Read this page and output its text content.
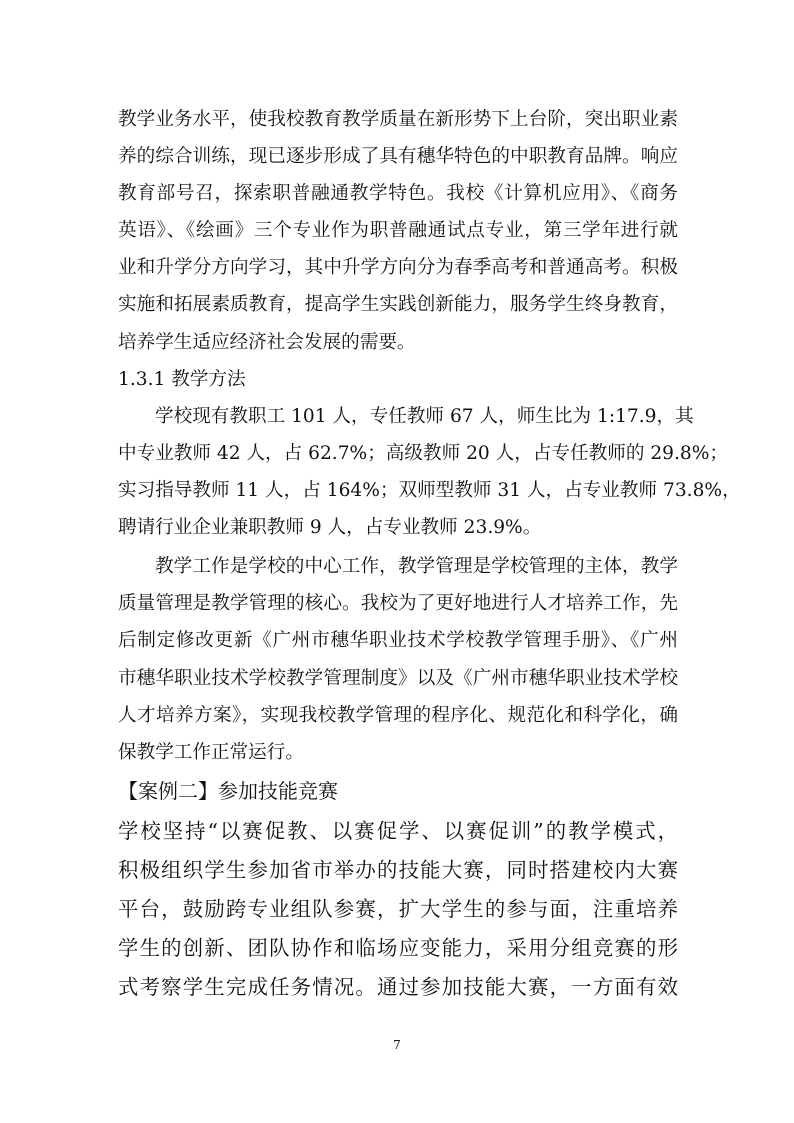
教学业务水平，使我校教育教学质量在新形势下上台阶，突出职业素
养的综合训练，现已逐步形成了具有穗华特色的中职教育品牌。响应
教育部号召，探索职普融通教学特色。我校《计算机应用》、《商务
英语》、《绘画》三个专业作为职普融通试点专业，第三学年进行就
业和升学分方向学习，其中升学方向分为春季高考和普通高考。积极
实施和拓展素质教育，提高学生实践创新能力，服务学生终身教育，
培养学生适应经济社会发展的需要。
1.3.1 教学方法
学校现有教职工 101 人，专任教师 67 人，师生比为 1:17.9，其
中专业教师 42 人，占 62.7%；高级教师 20 人，占专任教师的 29.8%；
实习指导教师 11 人，占 164%；双师型教师 31 人，占专业教师 73.8%，
聘请行业企业兼职教师 9 人，占专业教师 23.9%。
教学工作是学校的中心工作，教学管理是学校管理的主体，教学
质量管理是教学管理的核心。我校为了更好地进行人才培养工作，先
后制定修改更新《广州市穗华职业技术学校教学管理手册》、《广州
市穗华职业技术学校教学管理制度》以及《广州市穗华职业技术学校
人才培养方案》，实现我校教学管理的程序化、规范化和科学化，确
保教学工作正常运行。
【案例二】参加技能竞赛
学校坚持“以赛促教、以赛促学、以赛促训”的教学模式，
积极组织学生参加省市举办的技能大赛，同时搭建校内大赛
平台，鼓励跨专业组队参赛，扩大学生的参与面，注重培养
学生的创新、团队协作和临场应变能力，采用分组竞赛的形
式考察学生完成任务情况。通过参加技能大赛，一方面有效
7
